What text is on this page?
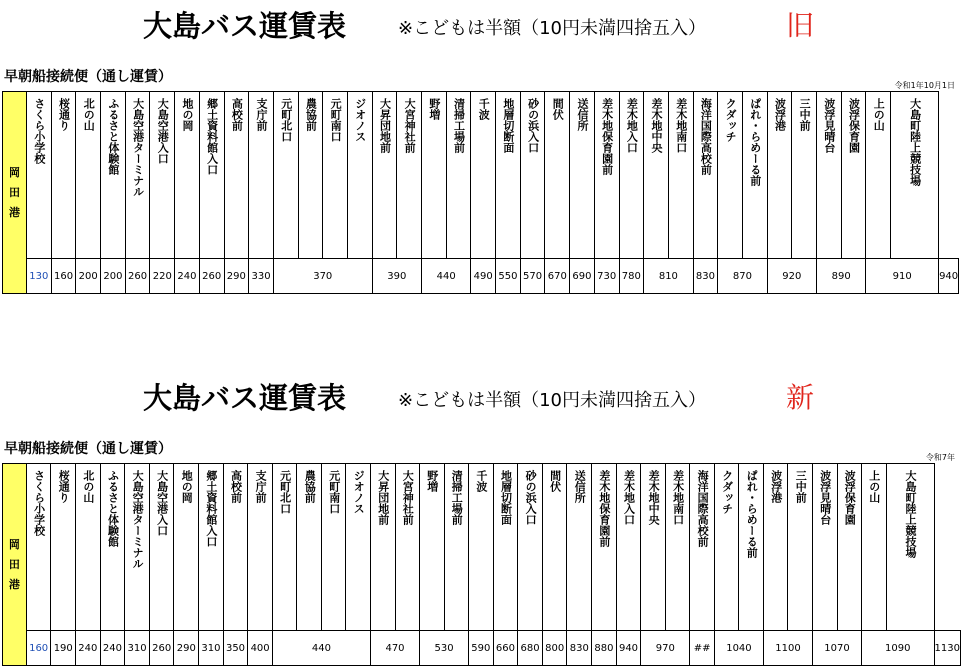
大島バス運賃表	※こどもは半額（10円未満四捨五入）	旧
早朝船接続便（通し運賃）
令和1年10月1日
岡
田
港	さくら小学校	桜通り	北の山	ふるさと体験館	大島空港ターミナル	大島空港入口	地の岡	郷土資料館入口	高校前	支庁前	元町北口	農協前	元町南口	ジオノス	大昇団地前	大宮神社前	野増	清掃工場前	千波	地層切断面	砂の浜入口	間伏	送信所	差木地保育園前	差木地入口	差木地中央	差木地南口	海洋国際高校前	クダッチ	ぱれ・らめーる前	波浮港	三中前	波浮見晴台	波浮保育園	上の山	大島町陸上競技場	
	130	160	200	200	260	220	240	260	290	330	370				390		440		490	550	570	670	690	730	780	810		830	870		920		890		910		940
大島バス運賃表	※こどもは半額（10円未満四捨五入）	新
早朝船接続便（通し運賃）
令和7年
岡
田
港	さくら小学校	桜通り	北の山	ふるさと体験館	大島空港ターミナル	大島空港入口	地の岡	郷土資料館入口	高校前	支庁前	元町北口	農協前	元町南口	ジオノス	大昇団地前	大宮神社前	野増	清掃工場前	千波	地層切断面	砂の浜入口	間伏	送信所	差木地保育園前	差木地入口	差木地中央	差木地南口	海洋国際高校前	クダッチ	ぱれ・らめーる前	波浮港	三中前	波浮見晴台	波浮保育園	上の山	大島町陸上競技場	
	160	190	240	240	310	260	290	310	350	400	440				470		530		590	660	680	800	830	880	940	970		##	1040		1100		1070		1090		1130
